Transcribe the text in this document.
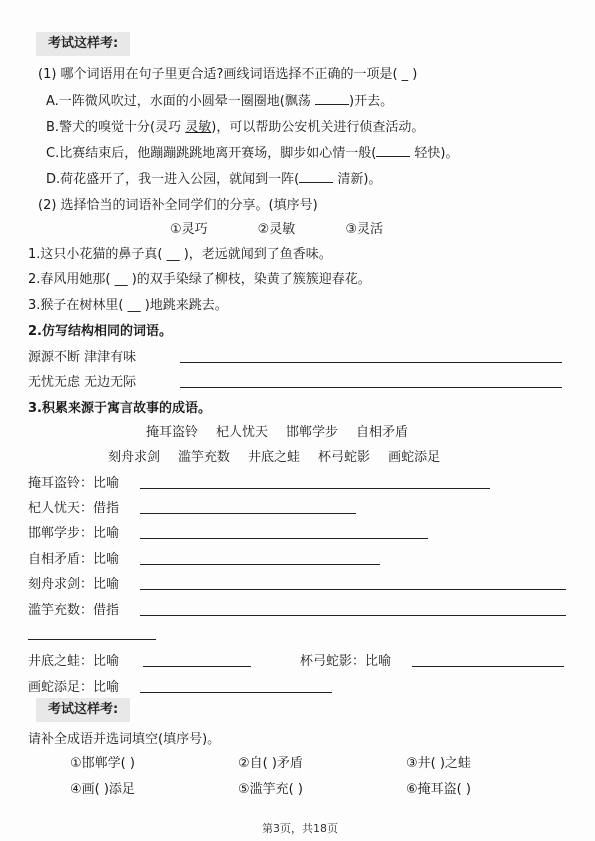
考试这样考:
(1) 哪个词语用在句子里更合适?画线词语选择不正确的一项是( _ )
A.一阵微风吹过，水面的小圆晕一圈圈地(飘荡	)开去。
B.警犬的嗅觉十分(灵巧 灵敏)，可以帮助公安机关进行侦查活动。
C.比赛结束后，他蹦蹦跳跳地离开赛场，脚步如心情一般(	轻快)。
D.荷花盛开了，我一进入公园，就闻到一阵(	清新)。
(2) 选择恰当的词语补全同学们的分享。(填序号)
①灵巧	②灵敏	③灵活
1.这只小花猫的鼻子真( __ )，老远就闻到了鱼香味。
2.春风用她那( __ )的双手染绿了柳枝，染黄了簇簇迎春花。
3.猴子在树林里( __ )地跳来跳去。
2.仿写结构相同的词语。
源源不断 津津有味
无忧无虑 无边无际
3.积累来源于寓言故事的成语。
掩耳盗铃 杞人忧天 邯郸学步 自相矛盾
刻舟求剑 滥竽充数 井底之蛙 杯弓蛇影 画蛇添足
掩耳盗铃：比喻
杞人忧天：借指
邯郸学步：比喻
自相矛盾：比喻
刻舟求剑：比喻
滥竽充数：借指
井底之蛙：比喻	杯弓蛇影：比喻
画蛇添足：比喻
考试这样考:
请补全成语并选词填空(填序号)。
①邯郸学( )	②自( )矛盾	③井( )之蛙
④画( )添足	⑤滥竽充( )	⑥掩耳盗( )
第3页，共18页
